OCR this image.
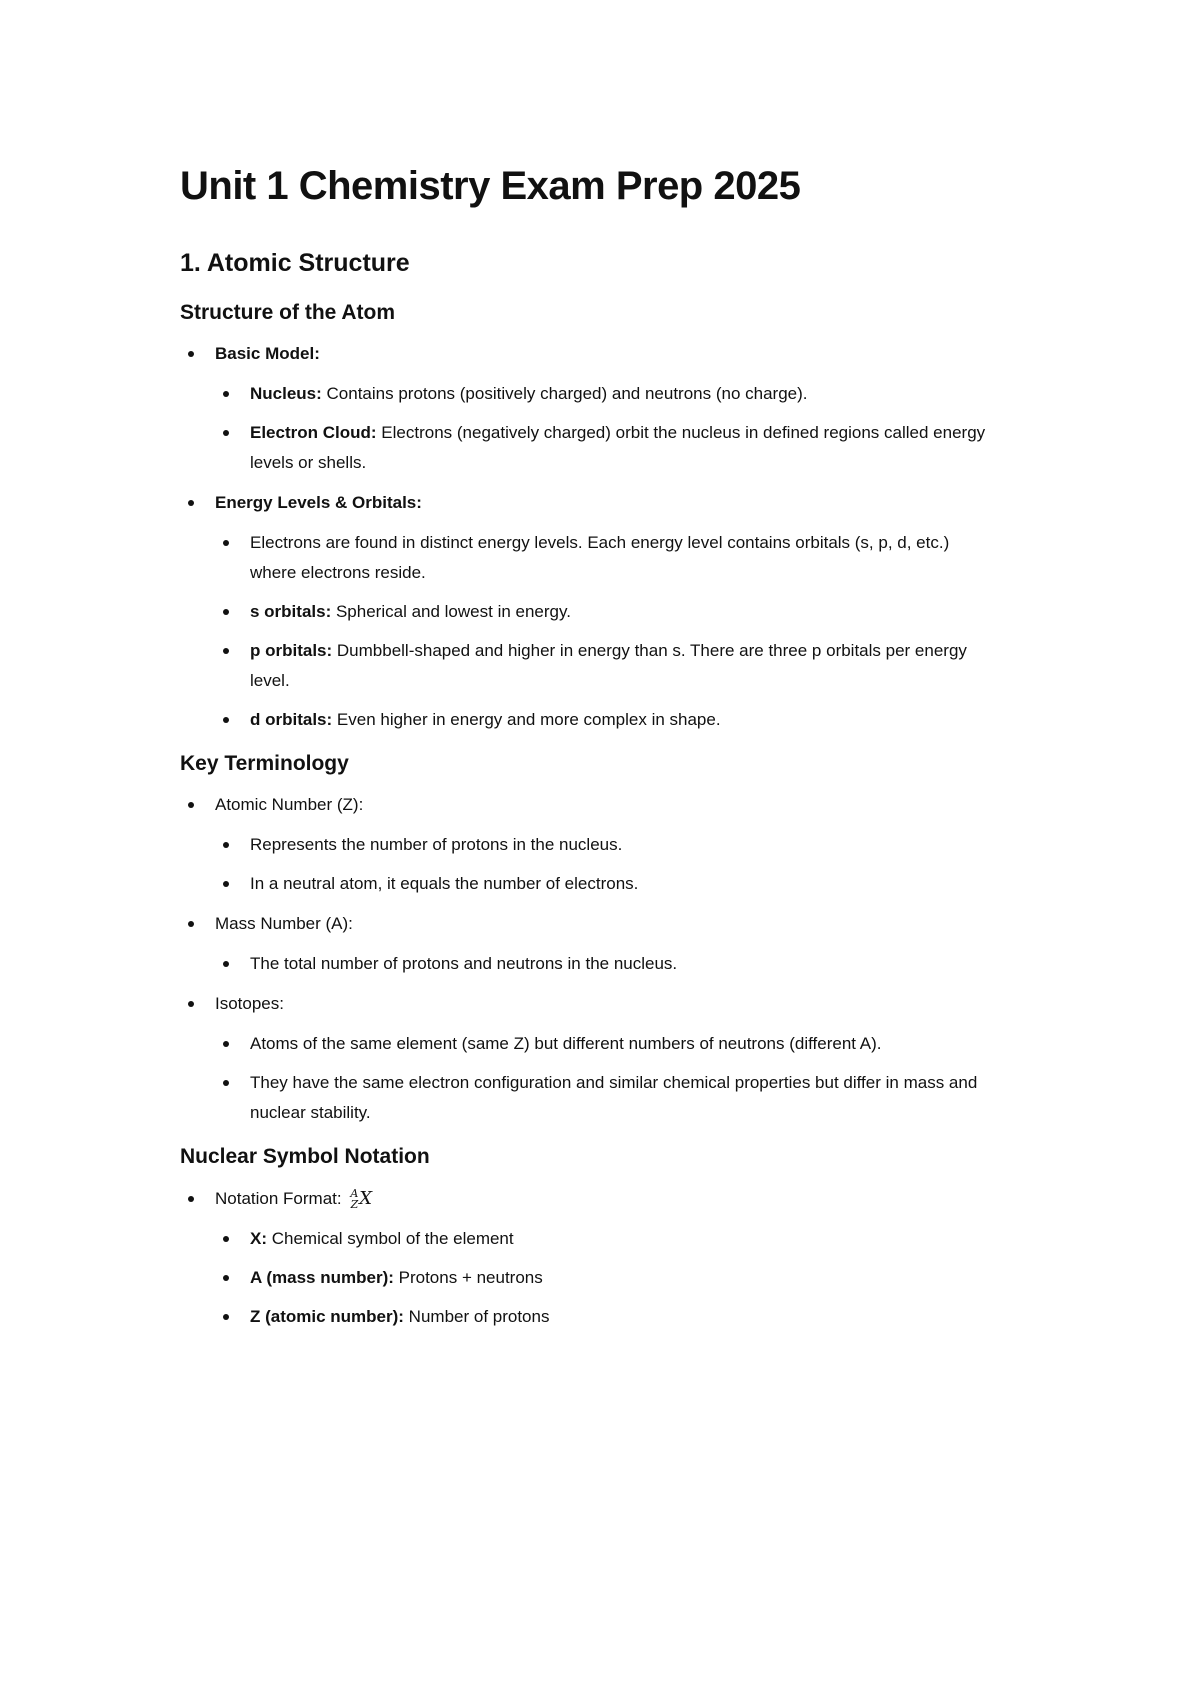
Unit 1 Chemistry Exam Prep 2025
1. Atomic Structure
Structure of the Atom
Basic Model:
Nucleus: Contains protons (positively charged) and neutrons (no charge).
Electron Cloud: Electrons (negatively charged) orbit the nucleus in defined regions called energy levels or shells.
Energy Levels & Orbitals:
Electrons are found in distinct energy levels. Each energy level contains orbitals (s, p, d, etc.) where electrons reside.
s orbitals: Spherical and lowest in energy.
p orbitals: Dumbbell-shaped and higher in energy than s. There are three p orbitals per energy level.
d orbitals: Even higher in energy and more complex in shape.
Key Terminology
Atomic Number (Z):
Represents the number of protons in the nucleus.
In a neutral atom, it equals the number of electrons.
Mass Number (A):
The total number of protons and neutrons in the nucleus.
Isotopes:
Atoms of the same element (same Z) but different numbers of neutrons (different A).
They have the same electron configuration and similar chemical properties but differ in mass and nuclear stability.
Nuclear Symbol Notation
Notation Format: A
Z X
X: Chemical symbol of the element
A (mass number): Protons + neutrons
Z (atomic number): Number of protons
